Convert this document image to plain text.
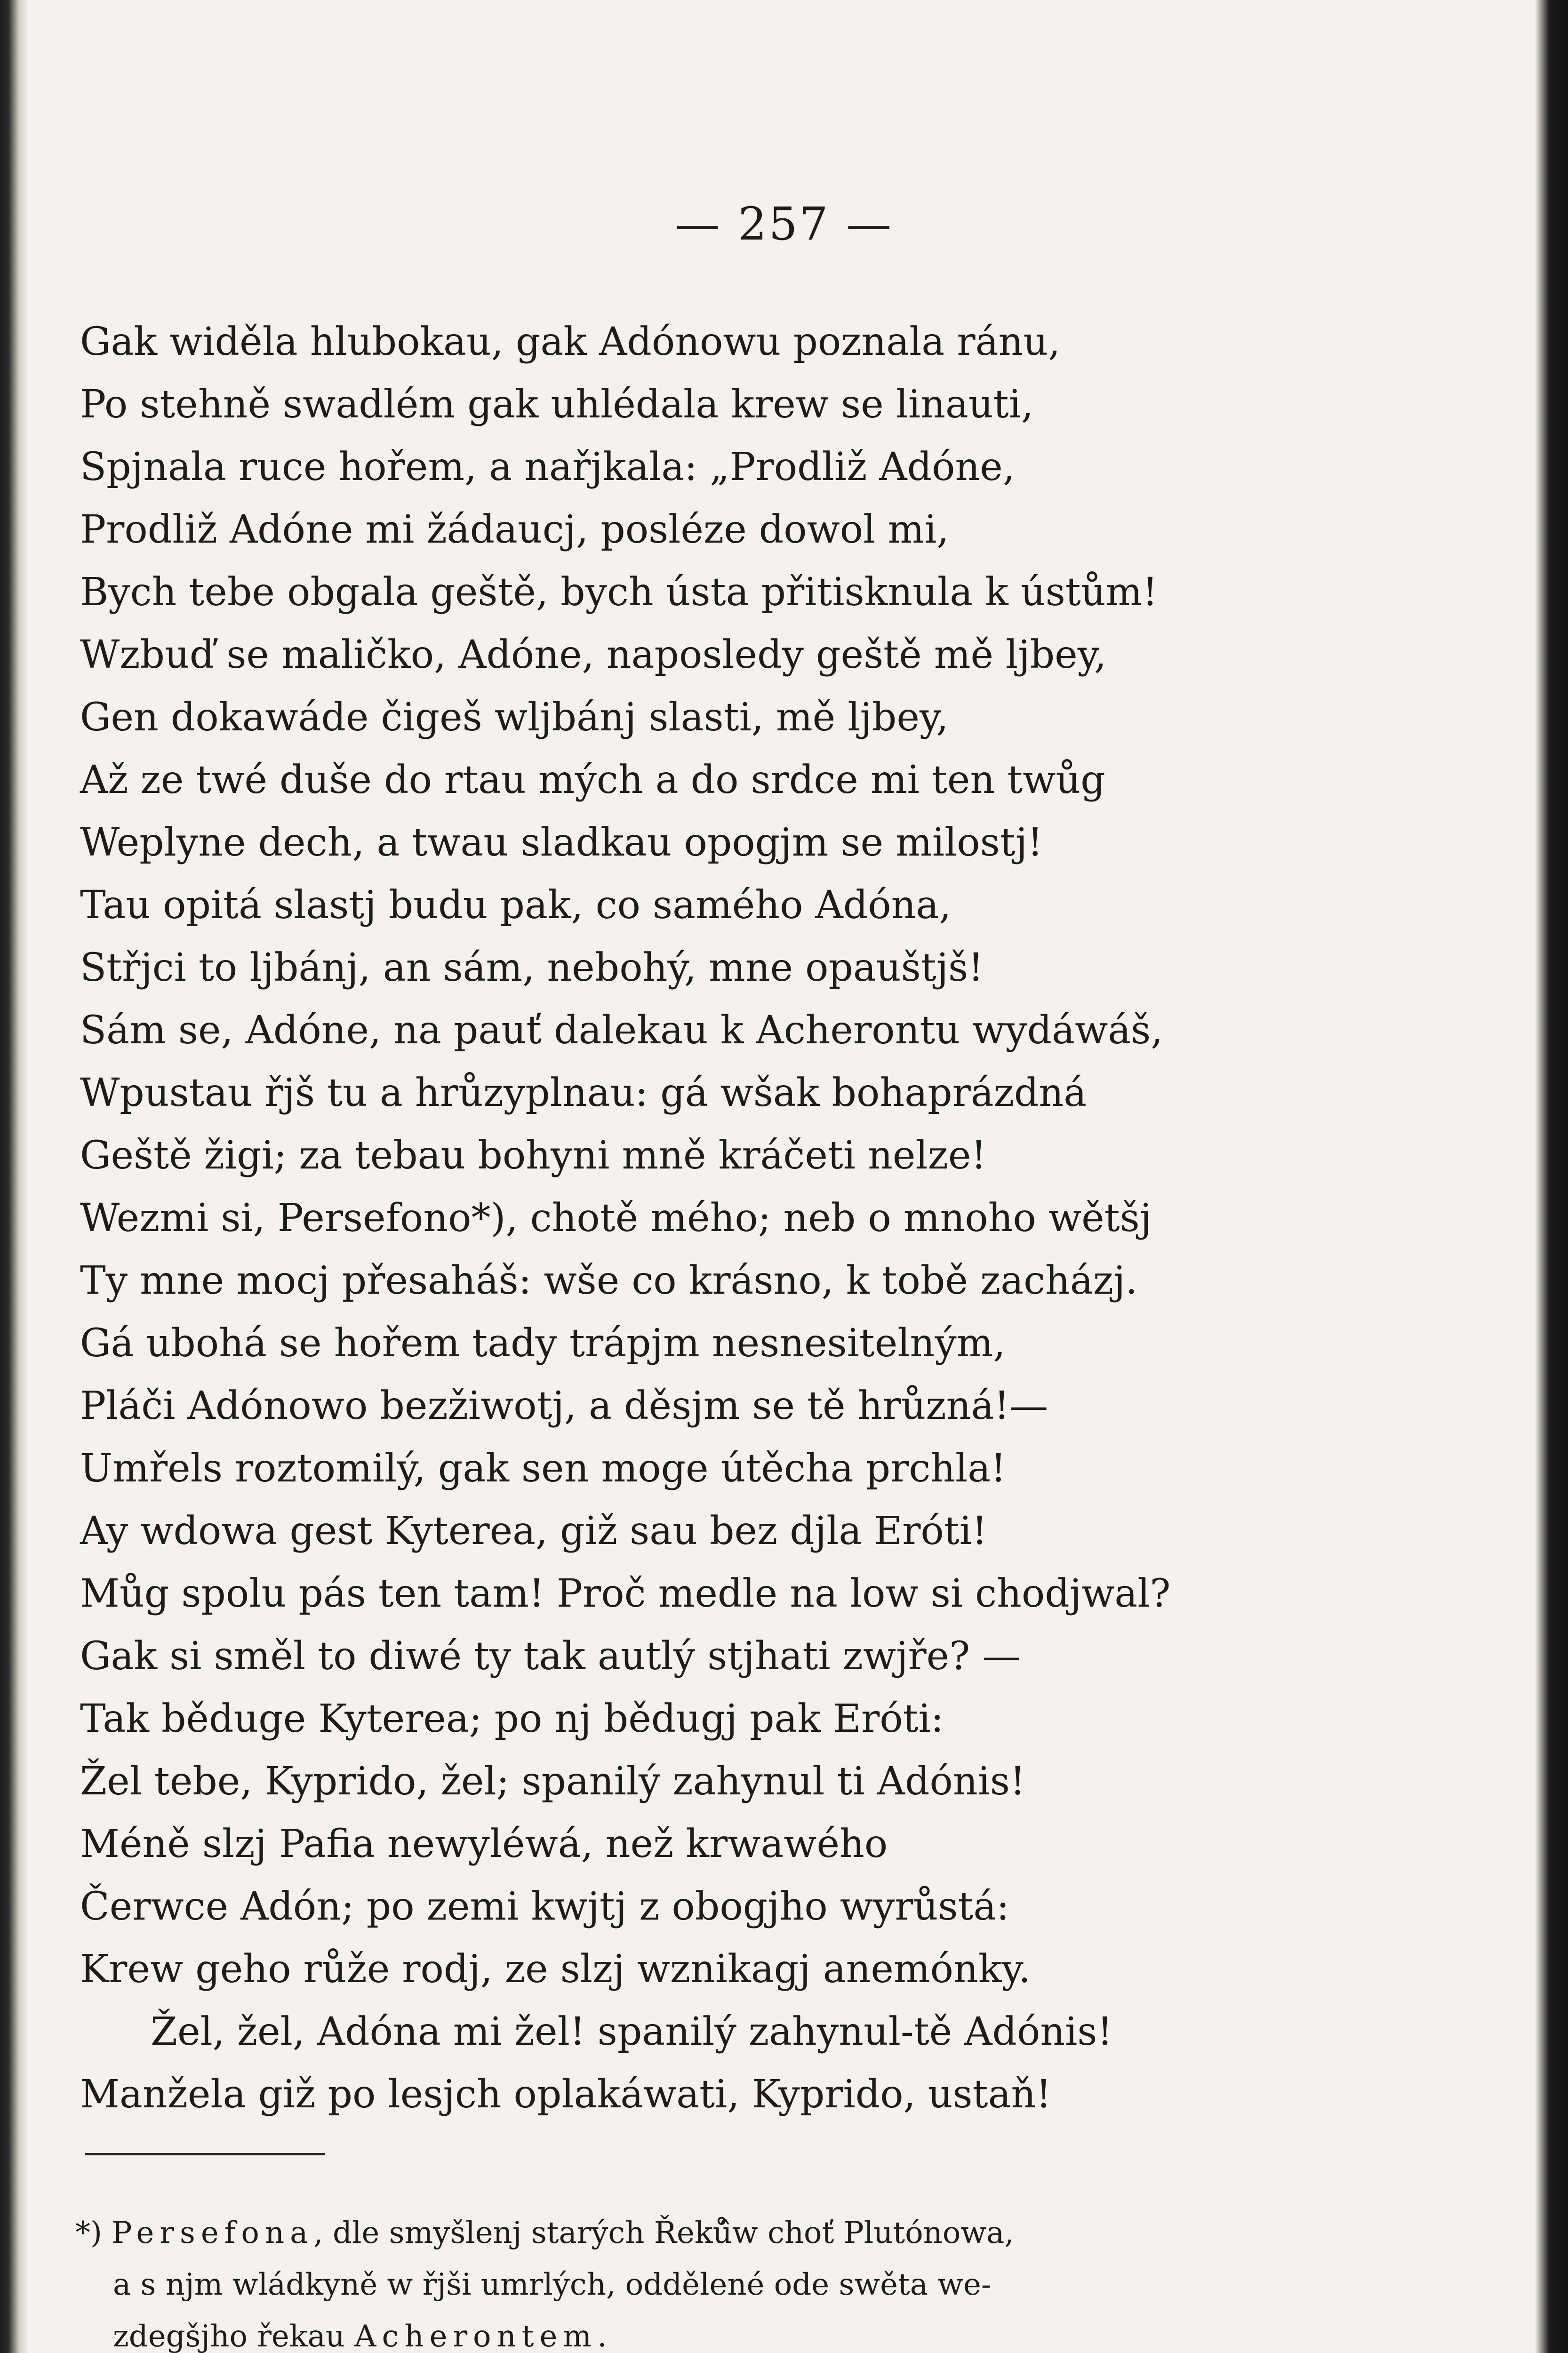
— 257 —
Gak widěla hlubokau, gak Adónowu poznala ránu,
Po stehně swadlém gak uhlédala krew se linauti,
Spjnala ruce hořem, a nařjkala: „Prodliž Adóne,
Prodliž Adóne mi žádaucj, posléze dowol mi,
Bych tebe obgala geště, bych ústa přitisknula k ústům!
Wzbuď se maličko, Adóne, naposledy geště mě ljbey,
Gen dokawáde čigeš wljbánj slasti, mě ljbey,
Až ze twé duše do rtau mých a do srdce mi ten twůg
Weplyne dech, a twau sladkau opogjm se milostj!
Tau opitá slastj budu pak, co samého Adóna,
Střjci to ljbánj, an sám, nebohý, mne opauštjš!
Sám se, Adóne, na pauť dalekau k Acherontu wydáwáš,
Wpustau řjš tu a hrůzyplnau: gá wšak bohaprázdná
Geště žigi; za tebau bohyni mně kráčeti nelze!
Wezmi si, Persefono*), chotě mého; neb o mnoho wětšj
Ty mne mocj přesaháš: wše co krásno, k tobě zacházj.
Gá ubohá se hořem tady trápjm nesnesitelným,
Pláči Adónowo bezžiwotj, a děsjm se tě hrůzná!—
Umřels roztomilý, gak sen moge útěcha prchla!
Ay wdowa gest Kyterea, giž sau bez djla Eróti!
Můg spolu pás ten tam! Proč medle na low si chodjwal?
Gak si směl to diwé ty tak autlý stjhati zwjře? —
Tak běduge Kyterea; po nj bědugj pak Eróti:
Žel tebe, Kyprido, žel; spanilý zahynul ti Adónis!
Méně slzj Pafia newyléwá, než krwawého
Čerwce Adón; po zemi kwjtj z obogjho wyrůstá:
Krew geho růže rodj, ze slzj wznikagj anemónky.
Žel, žel, Adóna mi žel! spanilý zahynul-tě Adónis!
Manžela giž po lesjch oplakáwati, Kyprido, ustaň!
*) Persefona, dle smyšlenj starých Řeků̂w choť Plutónowa,
a s njm wládkyně w řjši umrlých, oddělené ode swěta we-
zdegšjho řekau Acherontem.
